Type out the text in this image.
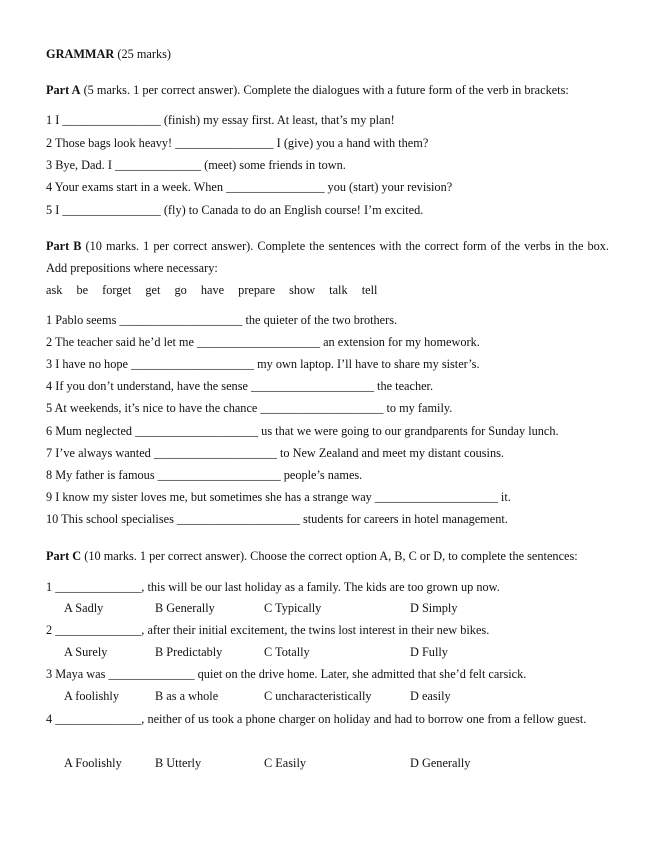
GRAMMAR (25 marks)
Part A (5 marks. 1 per correct answer). Complete the dialogues with a future form of the verb in brackets:
1 I ________________ (finish) my essay first. At least, that’s my plan!
2 Those bags look heavy! ________________ I (give) you a hand with them?
3 Bye, Dad. I ______________ (meet) some friends in town.
4 Your exams start in a week. When ________________ you (start) your revision?
5 I ________________ (fly) to Canada to do an English course! I’m excited.
Part B (10 marks. 1 per correct answer). Complete the sentences with the correct form of the verbs in the box. Add prepositions where necessary:
ask be forget get go have prepare show talk tell
1 Pablo seems ____________________ the quieter of the two brothers.
2 The teacher said he’d let me ____________________ an extension for my homework.
3 I have no hope ____________________ my own laptop. I’ll have to share my sister’s.
4 If you don’t understand, have the sense ____________________ the teacher.
5 At weekends, it’s nice to have the chance ____________________ to my family.
6 Mum neglected ____________________ us that we were going to our grandparents for Sunday lunch.
7 I’ve always wanted ____________________ to New Zealand and meet my distant cousins.
8 My father is famous ____________________ people’s names.
9 I know my sister loves me, but sometimes she has a strange way ____________________ it.
10 This school specialises ____________________ students for careers in hotel management.
Part C (10 marks. 1 per correct answer). Choose the correct option A, B, C or D, to complete the sentences:
1 ______________, this will be our last holiday as a family. The kids are too grown up now.
A Sadly	B Generally	C Typically	D Simply
2 ______________, after their initial excitement, the twins lost interest in their new bikes.
A Surely	B Predictably	C Totally	D Fully
3 Maya was ______________ quiet on the drive home. Later, she admitted that she’d felt carsick.
A foolishly	B as a whole	C uncharacteristically	D easily
4 ______________, neither of us took a phone charger on holiday and had to borrow one from a fellow guest.
A Foolishly	B Utterly	C Easily	D Generally
